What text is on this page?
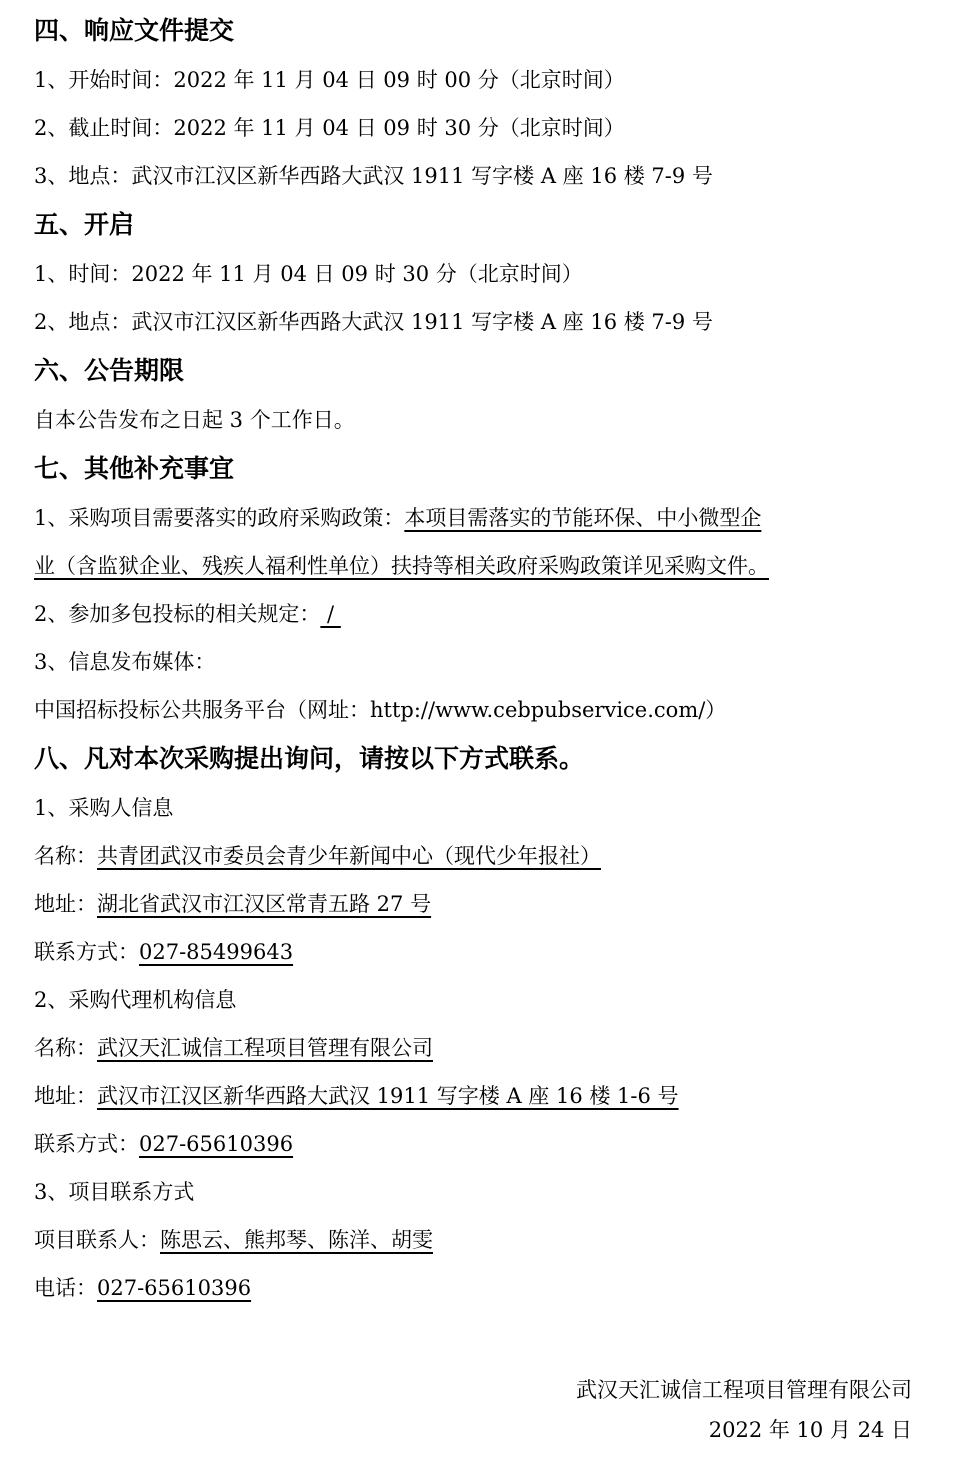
四、响应文件提交
1、开始时间：2022 年 11 月 04 日 09 时 00 分（北京时间）
2、截止时间：2022 年 11 月 04 日 09 时 30 分（北京时间）
3、地点：武汉市江汉区新华西路大武汉 1911 写字楼 A 座 16 楼 7-9 号
五、开启
1、时间：2022 年 11 月 04 日 09 时 30 分（北京时间）
2、地点：武汉市江汉区新华西路大武汉 1911 写字楼 A 座 16 楼 7-9 号
六、公告期限
自本公告发布之日起 3 个工作日。
七、其他补充事宜
1、采购项目需要落实的政府采购政策：本项目需落实的节能环保、中小微型企
业（含监狱企业、残疾人福利性单位）扶持等相关政府采购政策详见采购文件。
2、参加多包投标的相关规定： /
3、信息发布媒体：
中国招标投标公共服务平台（网址：http://www.cebpubservice.com/）
八、凡对本次采购提出询问，请按以下方式联系。
1、采购人信息
名称：共青团武汉市委员会青少年新闻中心（现代少年报社）
地址：湖北省武汉市江汉区常青五路 27 号
联系方式：027-85499643
2、采购代理机构信息
名称：武汉天汇诚信工程项目管理有限公司
地址：武汉市江汉区新华西路大武汉 1911 写字楼 A 座 16 楼 1-6 号
联系方式：027-65610396
3、项目联系方式
项目联系人：陈思云、熊邦琴、陈洋、胡雯
电话：027-65610396
武汉天汇诚信工程项目管理有限公司
2022 年 10 月 24 日
